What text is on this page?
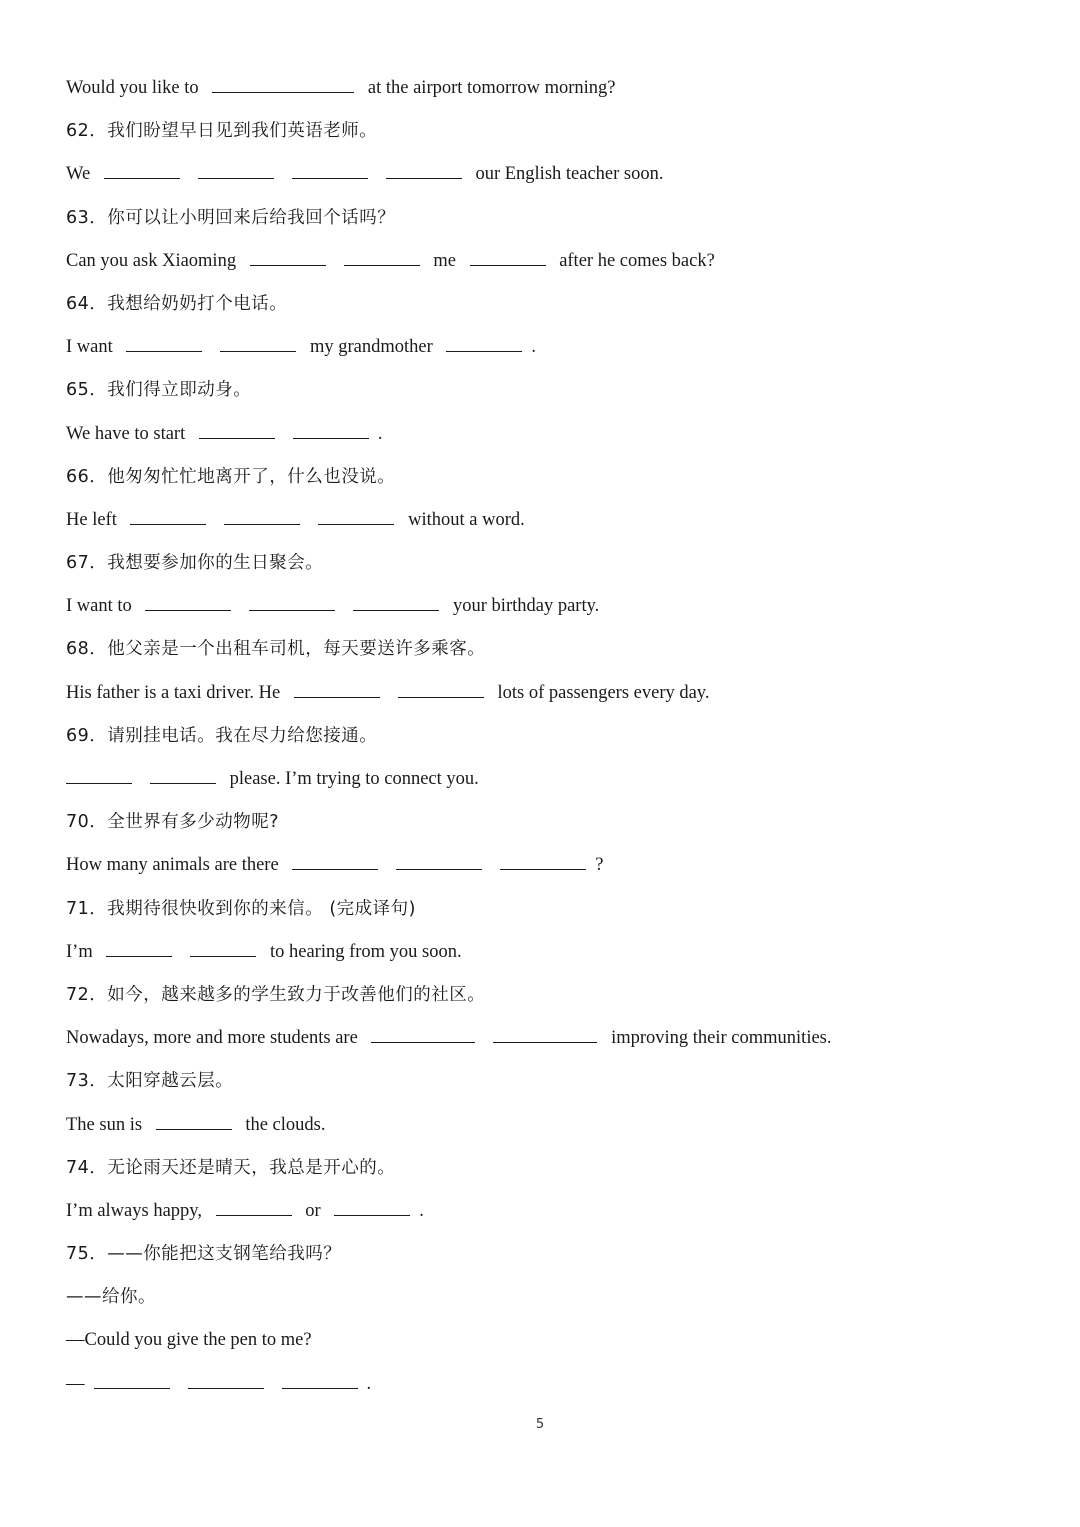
Would you like to	at the airport tomorrow morning?
62．我们盼望早日见到我们英语老师。
We	our English teacher soon.
63．你可以让小明回来后给我回个话吗？
Can you ask Xiaoming	me	after he comes back?
64．我想给奶奶打个电话。
I want	my grandmother	.
65．我们得立即动身。
We have to start	.
66．他匆匆忙忙地离开了，什么也没说。
He left	without a word.
67．我想要参加你的生日聚会。
I want to	your birthday party.
68．他父亲是一个出租车司机，每天要送许多乘客。
His father is a taxi driver. He	lots of passengers every day.
69．请别挂电话。我在尽力给您接通。
please. I’m trying to connect you.
70．全世界有多少动物呢?
How many animals are there	?
71．我期待很快收到你的来信。 (完成译句)
I’m	to hearing from you soon.
72．如今，越来越多的学生致力于改善他们的社区。
Nowadays, more and more students are	improving their communities.
73．太阳穿越云层。
The sun is	the clouds.
74．无论雨天还是晴天，我总是开心的。
I’m always happy,	or	.
75．——你能把这支钢笔给我吗？
——给你。
—Could you give the pen to me?
—	.
5
